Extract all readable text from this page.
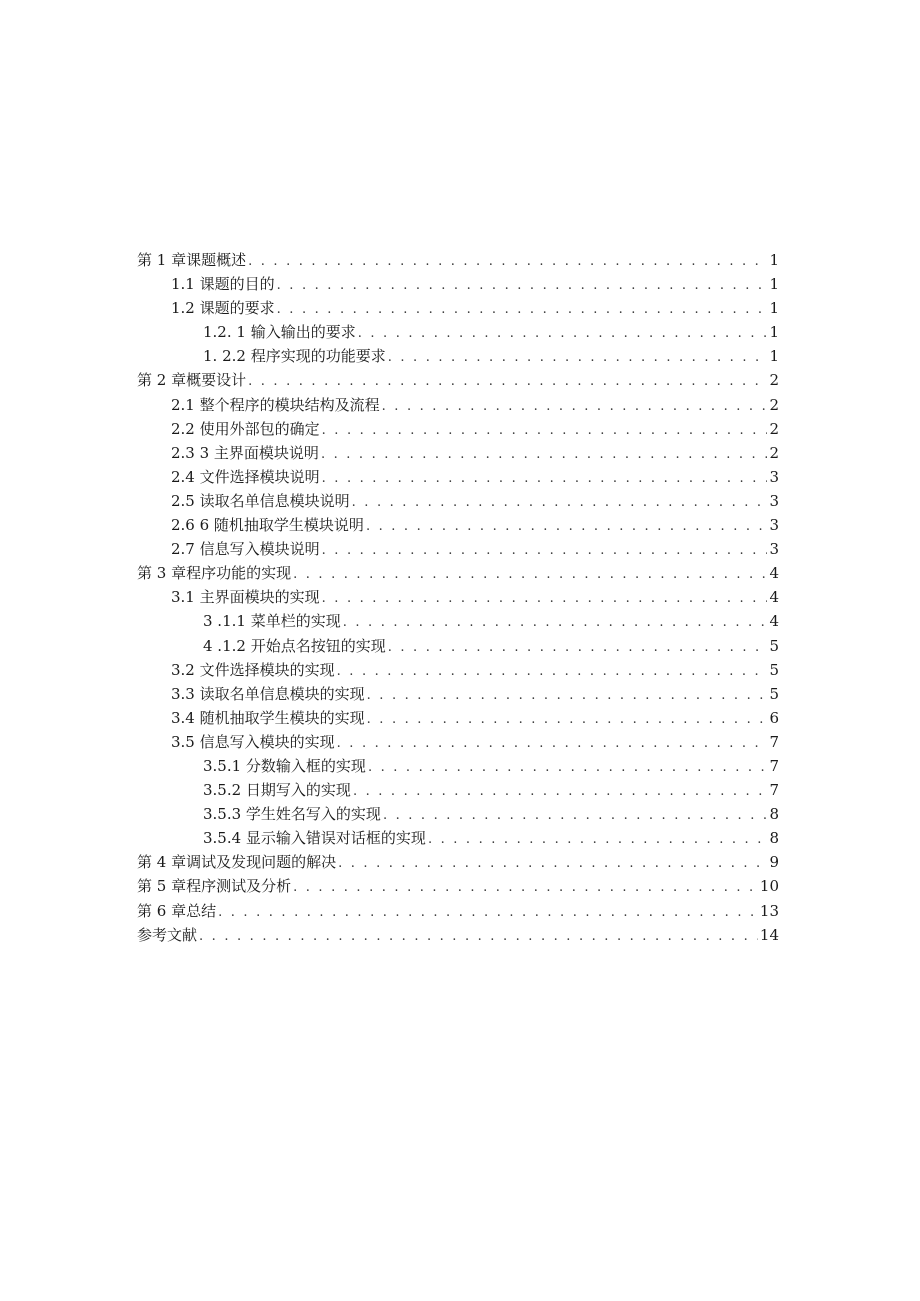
第 1 章课题概述 . . .	1
1.1 课题的目的 . . .	1
1.2 课题的要求 . . .	1
1.2. 1 输入输出的要求 . . .	1
1. 2.2 程序实现的功能要求 . . .	1
第 2 章概要设计 . . .	2
2.1 整个程序的模块结构及流程 . . .	2
2.2 使用外部包的确定 . . .	2
2.3 3 主界面模块说明 . . .	2
2.4 文件选择模块说明 . . .	3
2.5 读取名单信息模块说明 . . .	3
2.6 6 随机抽取学生模块说明 . . .	3
2.7 信息写入模块说明 . . .	3
第 3 章程序功能的实现 . . .	4
3.1 主界面模块的实现 . . .	4
3 .1.1 菜单栏的实现 . . .	4
4 .1.2 开始点名按钮的实现 . . .	5
3.2 文件选择模块的实现 . . .	5
3.3 读取名单信息模块的实现 . . .	5
3.4 随机抽取学生模块的实现 . . .	6
3.5 信息写入模块的实现 . . .	7
3.5.1 分数输入框的实现 . . .	7
3.5.2 日期写入的实现 . . .	7
3.5.3 学生姓名写入的实现 . . .	8
3.5.4 显示输入错误对话框的实现 . . .	8
第 4 章调试及发现问题的解决 . . .	9
第 5 章程序测试及分析 . . .	10
第 6 章总结 . . .	13
参考文献 . . .	14
